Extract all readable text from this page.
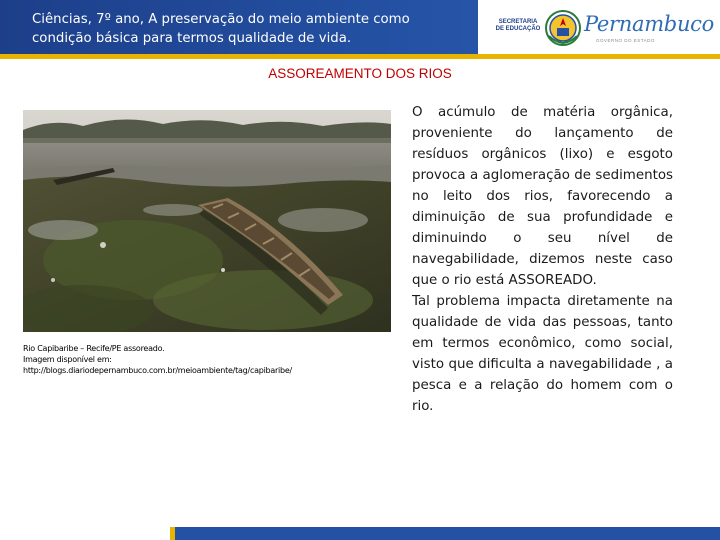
Ciências, 7º ano, A preservação do meio ambiente como
condição básica para termos qualidade de vida.
SECRETARIA
DE EDUCAÇÃO Pernambuco
GOVERNO DO ESTADO
ASSOREAMENTO DOS RIOS
Rio Capibaribe – Recife/PE assoreado.
Imagem disponível em:
http://blogs.diariodepernambuco.com.br/meioambiente/tag/capibaribe/

O acúmulo de matéria orgânica, proveniente do lançamento de resíduos orgânicos (lixo) e esgoto provoca a aglomeração de sedimentos no leito dos rios, favorecendo a diminuição de sua profundidade e diminuindo o seu nível de navegabilidade, dizemos neste caso que o rio está ASSOREADO.

Tal problema impacta diretamente na qualidade de vida das pessoas, tanto em termos econômico, como social, visto que dificulta a navegabilidade , a pesca e a relação do homem com o rio.
